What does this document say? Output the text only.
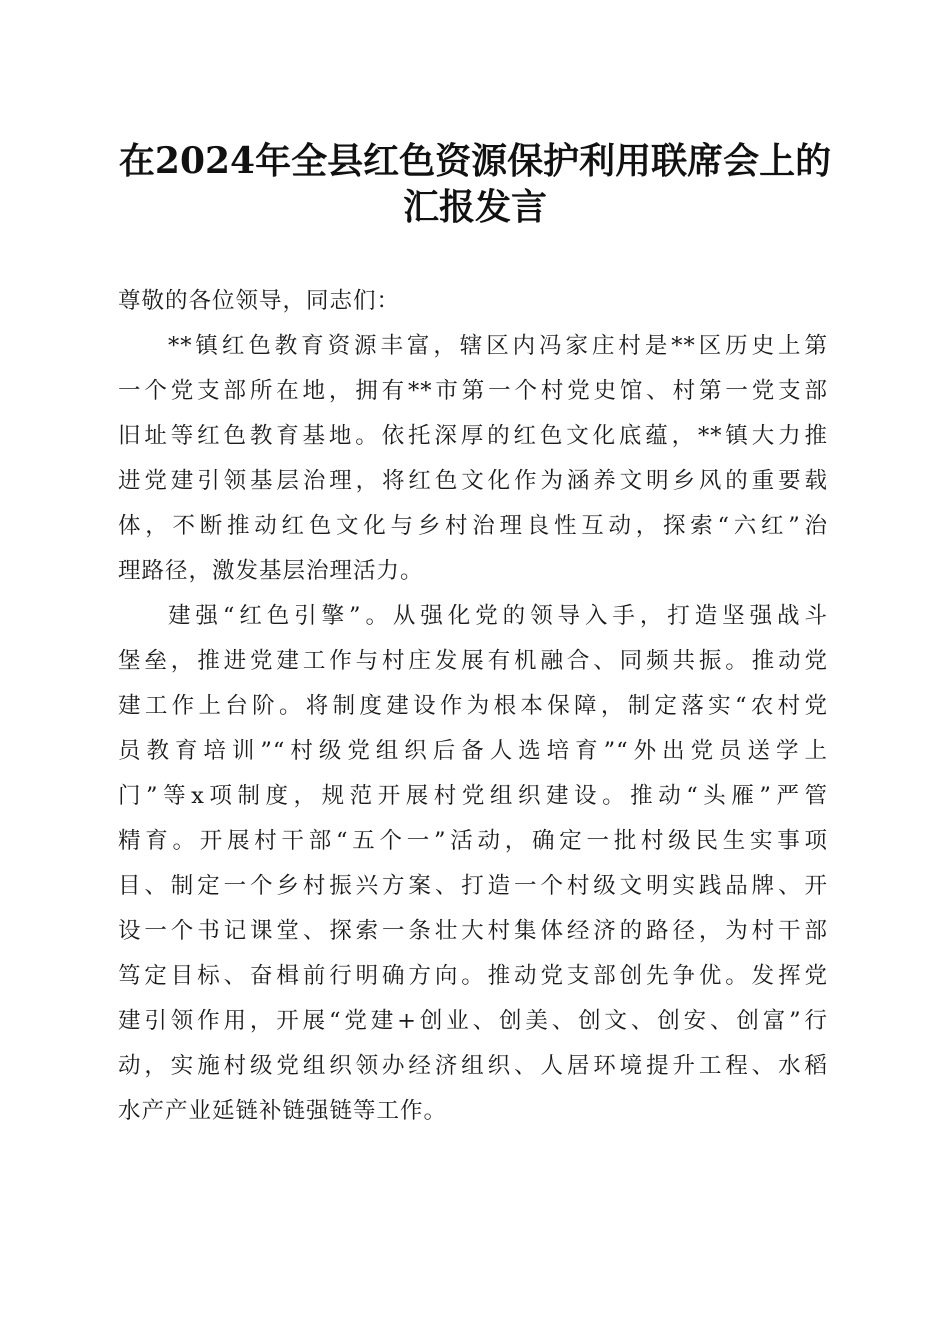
在2024年全县红色资源保护利用联席会上的
汇报发言

尊敬的各位领导，同志们：

**镇红色教育资源丰富，辖区内冯家庄村是**区历史上第
一个党支部所在地，拥有**市第一个村党史馆、村第一党支部
旧址等红色教育基地。依托深厚的红色文化底蕴，**镇大力推
进党建引领基层治理，将红色文化作为涵养文明乡风的重要载
体，不断推动红色文化与乡村治理良性互动，探索“六红”治
理路径，激发基层治理活力。
建强“红色引擎”。从强化党的领导入手，打造坚强战斗
堡垒，推进党建工作与村庄发展有机融合、同频共振。推动党
建工作上台阶。将制度建设作为根本保障，制定落实“农村党
员教育培训”“村级党组织后备人选培育”“外出党员送学上
门”等x项制度，规范开展村党组织建设。推动“头雁”严管
精育。开展村干部“五个一”活动，确定一批村级民生实事项
目、制定一个乡村振兴方案、打造一个村级文明实践品牌、开
设一个书记课堂、探索一条壮大村集体经济的路径，为村干部
笃定目标、奋楫前行明确方向。推动党支部创先争优。发挥党
建引领作用，开展“党建+创业、创美、创文、创安、创富”行
动，实施村级党组织领办经济组织、人居环境提升工程、水稻
水产产业延链补链强链等工作。
